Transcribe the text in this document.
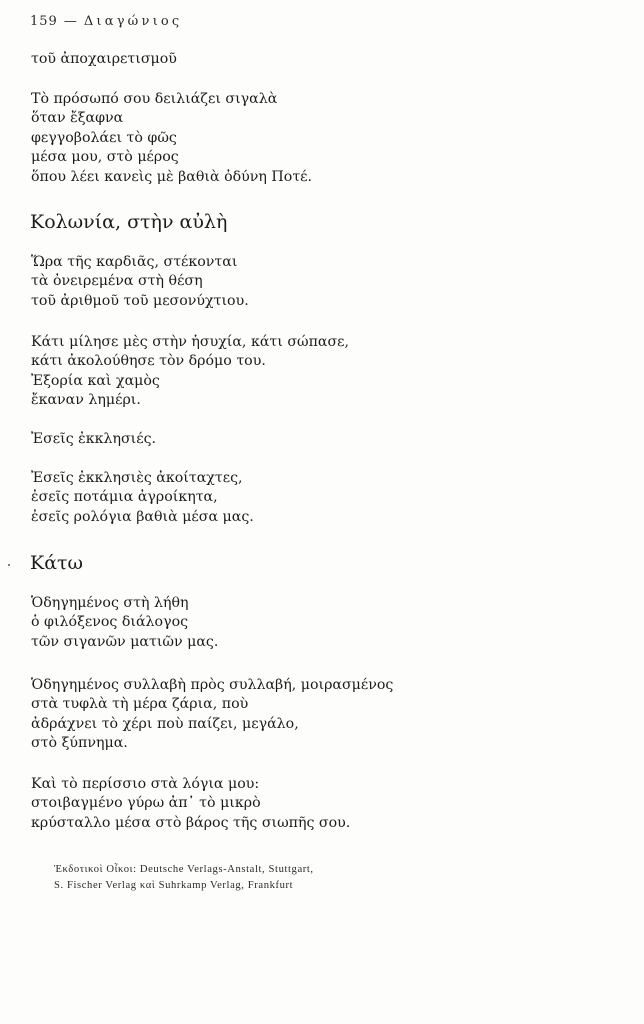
159 — Διαγώνιος
τοῦ ἀποχαιρετισμοῦ
Τὸ πρόσωπό σου δειλιάζει σιγαλὰ
ὅταν ἔξαφνα
φεγγοβολάει τὸ φῶς
μέσα μου, στὸ μέρος
ὅπου λέει κανεὶς μὲ βαθιὰ ὀδύνη Ποτέ.
Κολωνία, στὴν αὐλὴ
Ὥρα τῆς καρδιᾶς, στέκονται
τὰ ὀνειρεμένα στὴ θέση
τοῦ ἀριθμοῦ τοῦ μεσονύχτιου.
Κάτι μίλησε μὲς στὴν ἡσυχία, κάτι σώπασε,
κάτι ἀκολούθησε τὸν δρόμο του.
Ἐξορία καὶ χαμὸς
ἔκαναν λημέρι.
Ἐσεῖς ἐκκλησιές.
Ἐσεῖς ἐκκλησιὲς ἀκοίταχτες,
ἐσεῖς ποτάμια ἀγροίκητα,
ἐσεῖς ρολόγια βαθιὰ μέσα μας.
Κάτω
Ὁδηγημένος στὴ λήθη
ὁ φιλόξενος διάλογος
τῶν σιγανῶν ματιῶν μας.
Ὁδηγημένος συλλαβὴ πρὸς συλλαβή, μοιρασμένος
στὰ τυφλὰ τὴ μέρα ζάρια, ποὺ
ἀδράχνει τὸ χέρι ποὺ παίζει, μεγάλο,
στὸ ξύπνημα.
Καὶ τὸ περίσσιο στὰ λόγια μου:
στοιβαγμένο γύρω ἀπ᾽ τὸ μικρὸ
κρύσταλλο μέσα στὸ βάρος τῆς σιωπῆς σου.
Ἐκδοτικοὶ Οἶκοι: Deutsche Verlags-Anstalt, Stuttgart,
S. Fischer Verlag καὶ Suhrkamp Verlag, Frankfurt
